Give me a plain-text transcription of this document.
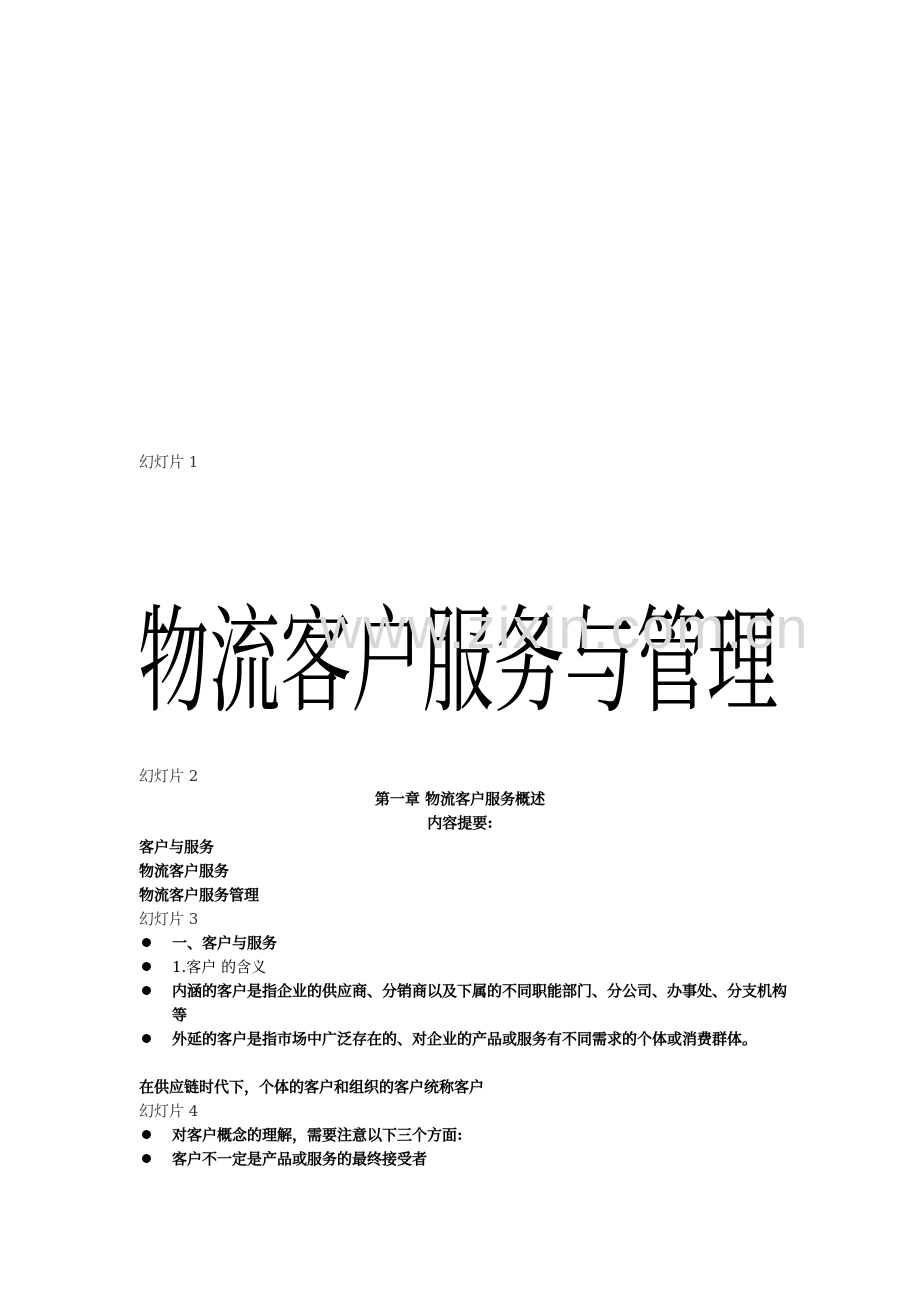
幻灯片 1
物流客户服务与管理
www.zixin.com.cn
幻灯片 2
第一章 物流客户服务概述
内容提要:
客户与服务
物流客户服务
物流客户服务管理
幻灯片 3
一、客户与服务
1.客户 的含义
内涵的客户是指企业的供应商、分销商以及下属的不同职能部门、分公司、办事处、分支机构等
外延的客户是指市场中广泛存在的、对企业的产品或服务有不同需求的个体或消费群体。
在供应链时代下，个体的客户和组织的客户统称客户
幻灯片 4
对客户概念的理解，需要注意以下三个方面:
客户不一定是产品或服务的最终接受者
